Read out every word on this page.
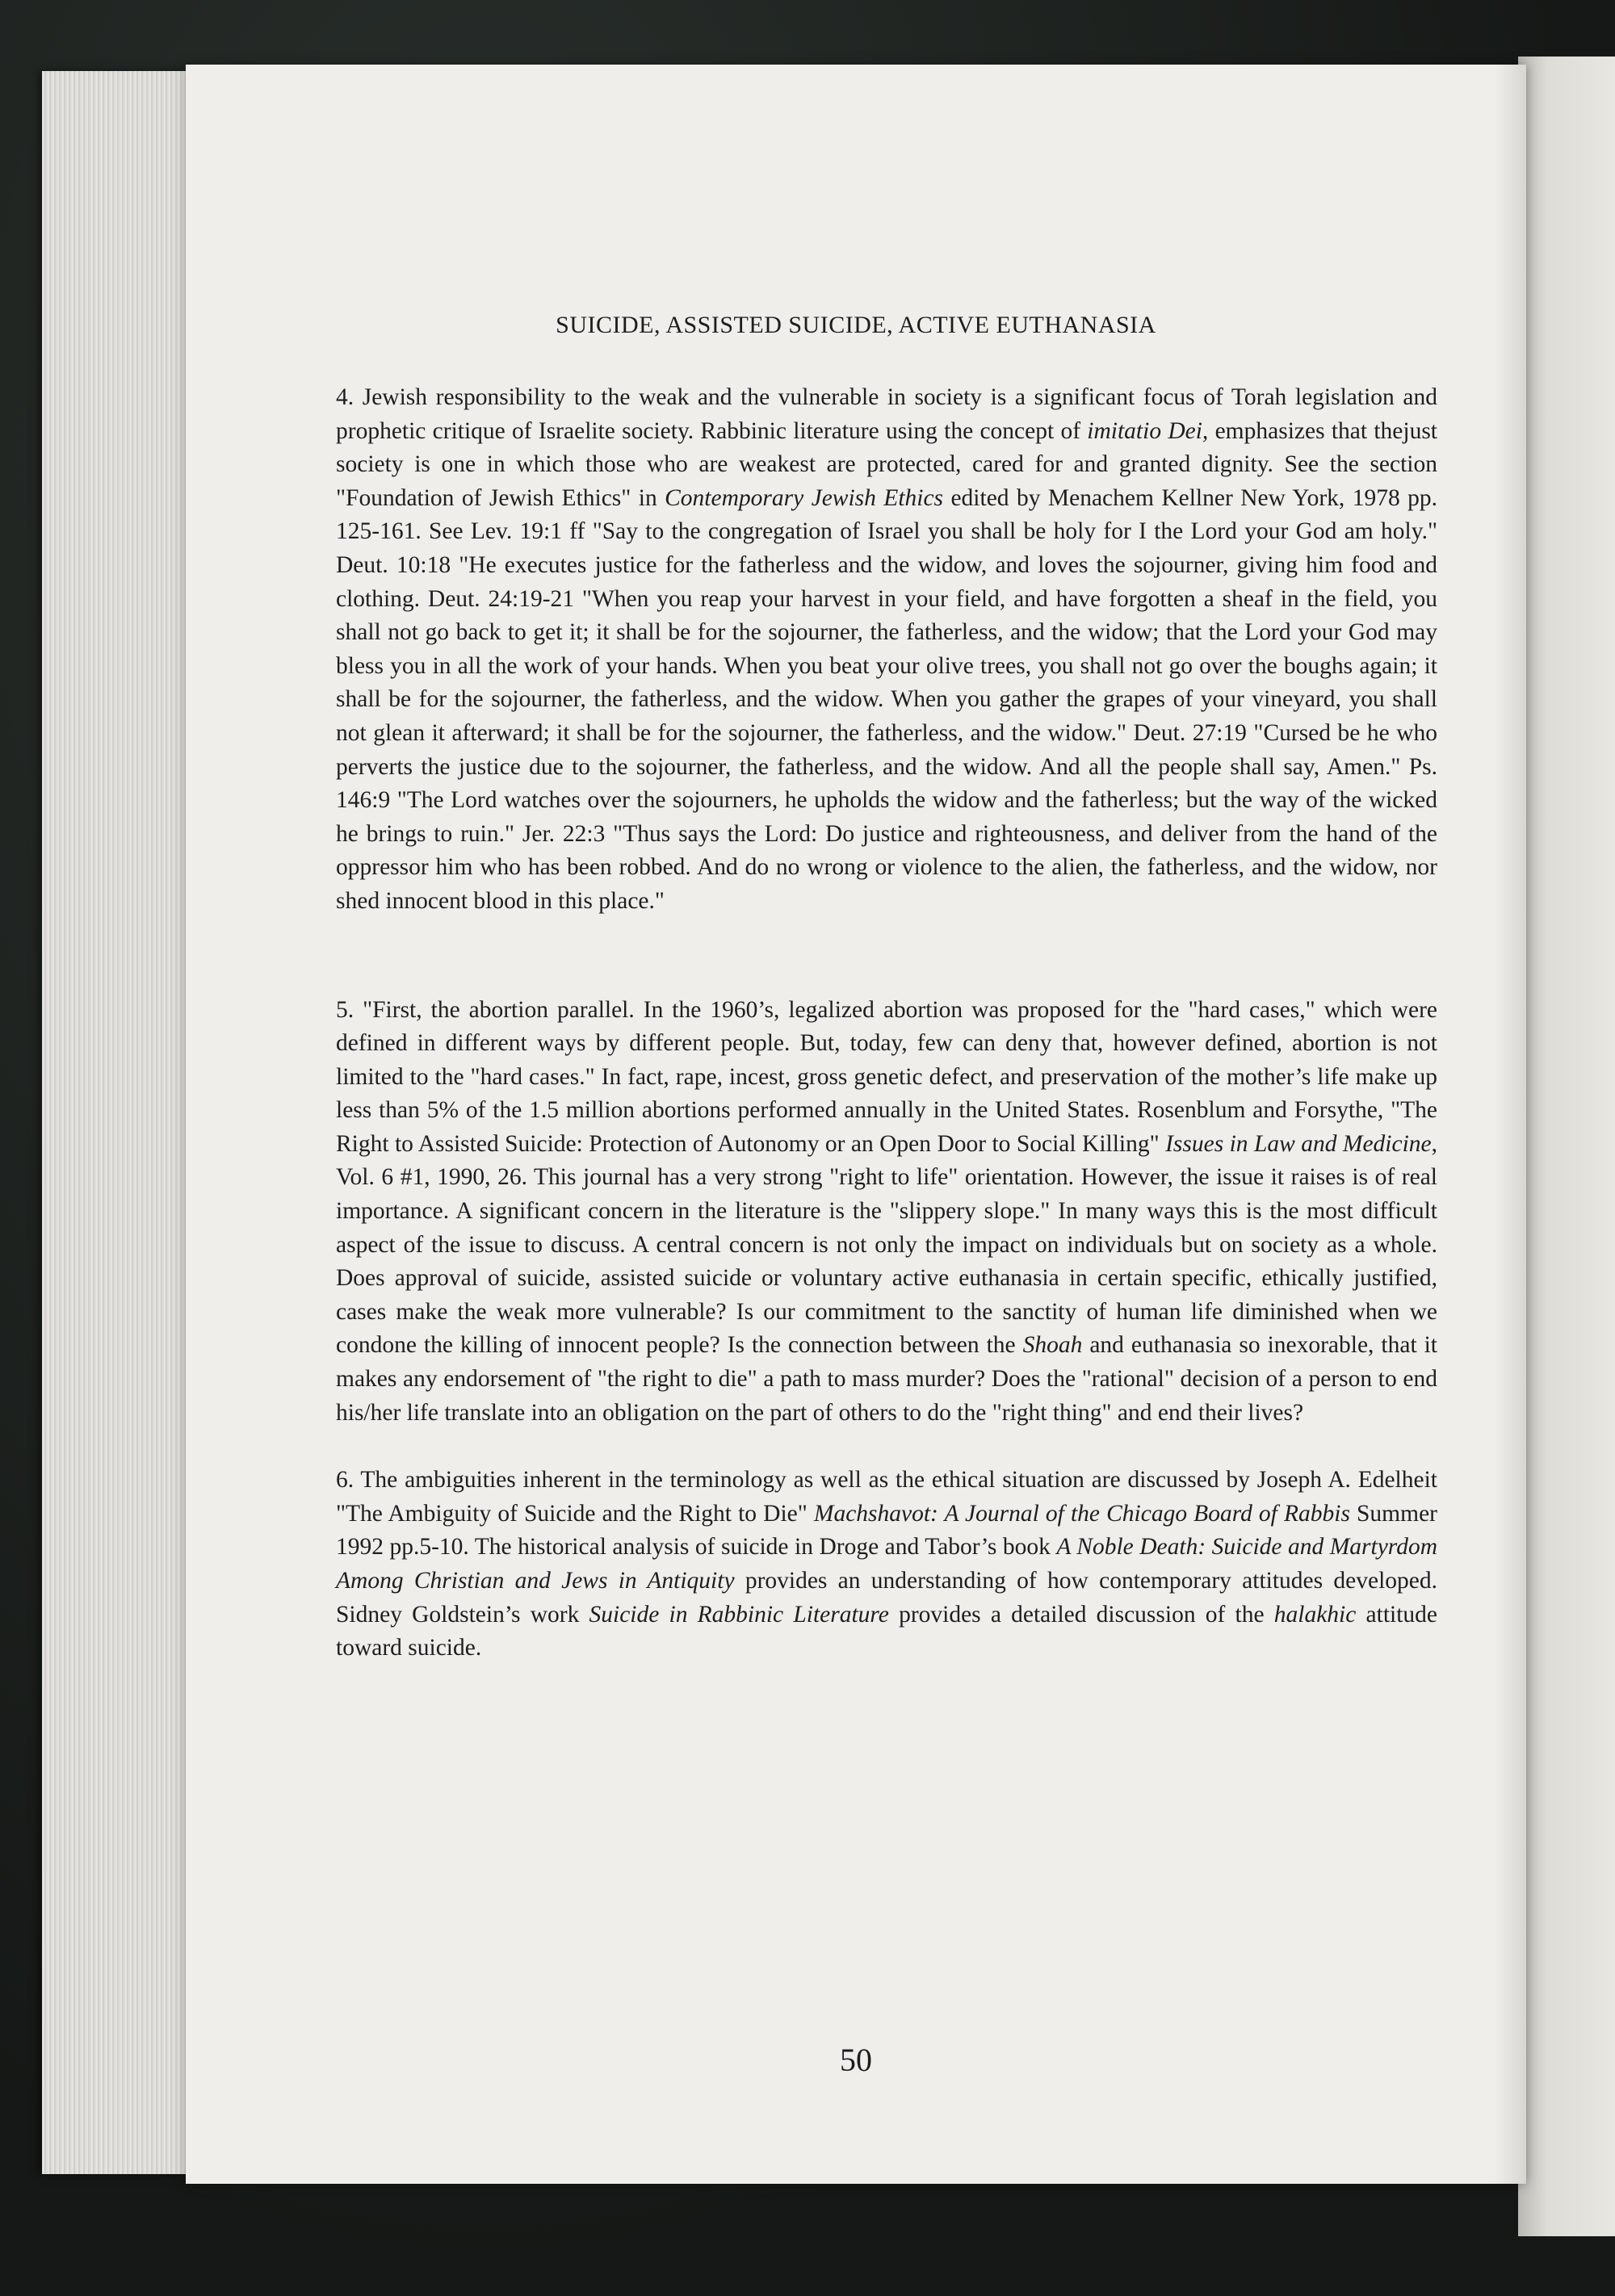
SUICIDE, ASSISTED SUICIDE, ACTIVE EUTHANASIA

4. Jewish responsibility to the weak and the vulnerable in society is a significant focus of Torah legislation and prophetic critique of Israelite society. Rabbinic literature using the concept of imitatio Dei, emphasizes that thejust society is one in which those who are weakest are protected, cared for and granted dignity. See the section "Foundation of Jewish Ethics" in Contemporary Jewish Ethics edited by Menachem Kellner New York, 1978 pp. 125-161. See Lev. 19:1 ff "Say to the congregation of Israel you shall be holy for I the Lord your God am holy." Deut. 10:18 "He executes justice for the fatherless and the widow, and loves the sojourner, giving him food and clothing. Deut. 24:19-21 "When you reap your harvest in your field, and have forgotten a sheaf in the field, you shall not go back to get it; it shall be for the sojourner, the fatherless, and the widow; that the Lord your God may bless you in all the work of your hands. When you beat your olive trees, you shall not go over the boughs again; it shall be for the sojourner, the fatherless, and the widow. When you gather the grapes of your vineyard, you shall not glean it afterward; it shall be for the sojourner, the fatherless, and the widow." Deut. 27:19 "Cursed be he who perverts the justice due to the sojourner, the fatherless, and the widow. And all the people shall say, Amen." Ps. 146:9 "The Lord watches over the sojourners, he upholds the widow and the fatherless; but the way of the wicked he brings to ruin." Jer. 22:3 "Thus says the Lord: Do justice and righteousness, and deliver from the hand of the oppressor him who has been robbed. And do no wrong or violence to the alien, the fatherless, and the widow, nor shed innocent blood in this place."

5. "First, the abortion parallel. In the 1960’s, legalized abortion was proposed for the "hard cases," which were defined in different ways by different people. But, today, few can deny that, however defined, abortion is not limited to the "hard cases." In fact, rape, incest, gross genetic defect, and preservation of the mother’s life make up less than 5% of the 1.5 million abortions performed annually in the United States. Rosenblum and Forsythe, "The Right to Assisted Suicide: Protection of Autonomy or an Open Door to Social Killing" Issues in Law and Medicine, Vol. 6 #1, 1990, 26. This journal has a very strong "right to life" orientation. However, the issue it raises is of real importance. A significant concern in the literature is the "slippery slope." In many ways this is the most difficult aspect of the issue to discuss. A central concern is not only the impact on individuals but on society as a whole. Does approval of suicide, assisted suicide or voluntary active euthanasia in certain specific, ethically justified, cases make the weak more vulnerable? Is our commitment to the sanctity of human life diminished when we condone the killing of innocent people? Is the connection between the Shoah and euthanasia so inexorable, that it makes any endorsement of "the right to die" a path to mass murder? Does the "rational" decision of a person to end his/her life translate into an obligation on the part of others to do the "right thing" and end their lives?

6. The ambiguities inherent in the terminology as well as the ethical situation are discussed by Joseph A. Edelheit "The Ambiguity of Suicide and the Right to Die" Machshavot: A Journal of the Chicago Board of Rabbis Summer 1992 pp.5-10. The historical analysis of suicide in Droge and Tabor’s book A Noble Death: Suicide and Martyrdom Among Christian and Jews in Antiquity provides an understanding of how contemporary attitudes developed. Sidney Goldstein’s work Suicide in Rabbinic Literature provides a detailed discussion of the halakhic attitude toward suicide.

50
